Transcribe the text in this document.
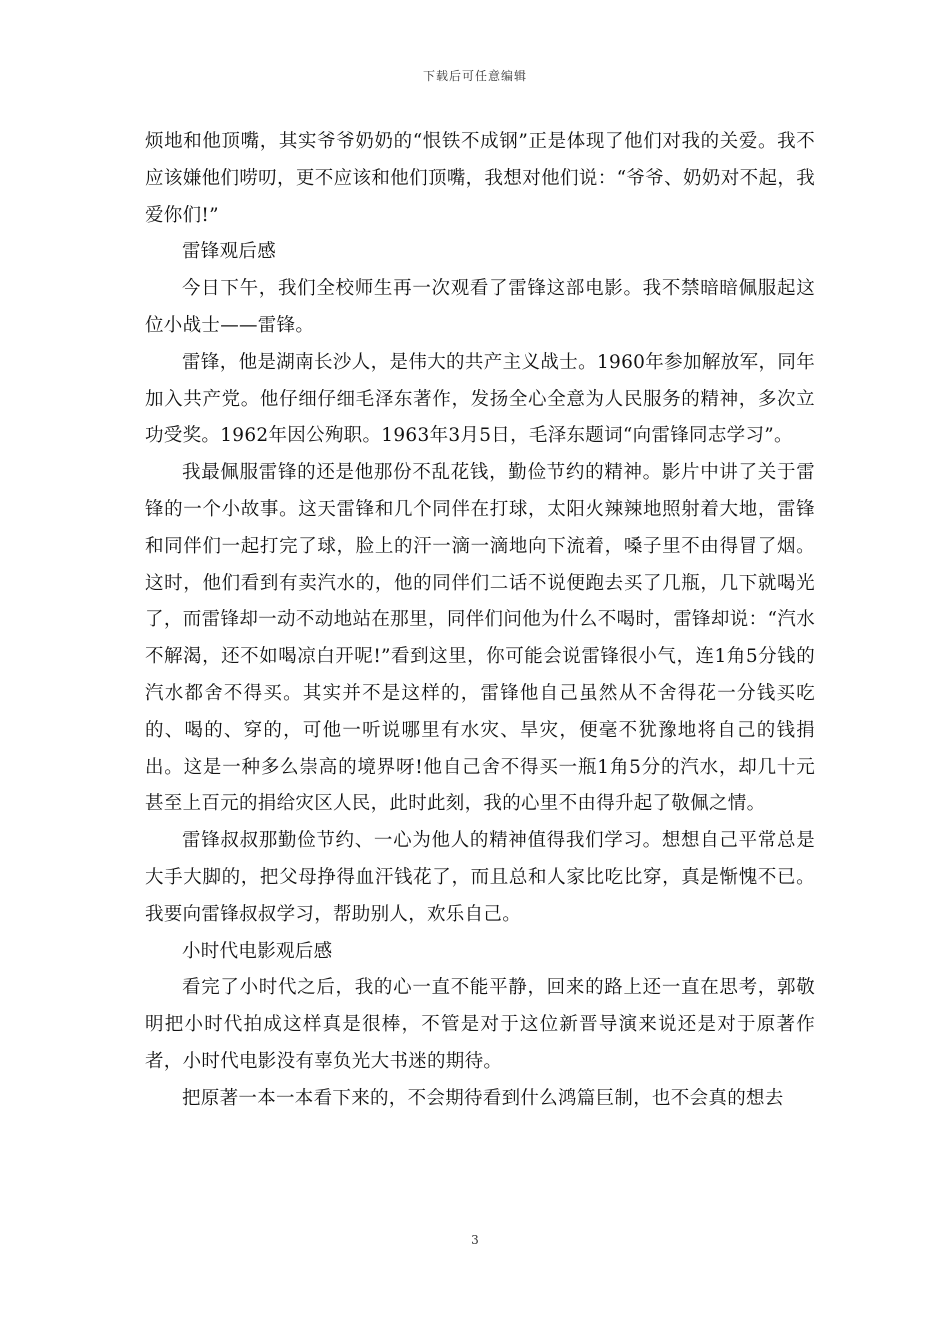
下载后可任意编辑

烦地和他顶嘴，其实爷爷奶奶的“恨铁不成钢”正是体现了他们对我的关爱。我不应该嫌他们唠叨，更不应该和他们顶嘴，我想对他们说：“爷爷、奶奶对不起，我爱你们!”

雷锋观后感

今日下午，我们全校师生再一次观看了雷锋这部电影。我不禁暗暗佩服起这位小战士——雷锋。

雷锋，他是湖南长沙人，是伟大的共产主义战士。1960年参加解放军，同年加入共产党。他仔细仔细毛泽东著作，发扬全心全意为人民服务的精神，多次立功受奖。1962年因公殉职。1963年3月5日，毛泽东题词“向雷锋同志学习”。

我最佩服雷锋的还是他那份不乱花钱，勤俭节约的精神。影片中讲了关于雷锋的一个小故事。这天雷锋和几个同伴在打球，太阳火辣辣地照射着大地，雷锋和同伴们一起打完了球，脸上的汗一滴一滴地向下流着，嗓子里不由得冒了烟。这时，他们看到有卖汽水的，他的同伴们二话不说便跑去买了几瓶，几下就喝光了，而雷锋却一动不动地站在那里，同伴们问他为什么不喝时，雷锋却说：“汽水不解渴，还不如喝凉白开呢!”看到这里，你可能会说雷锋很小气，连1角5分钱的汽水都舍不得买。其实并不是这样的，雷锋他自己虽然从不舍得花一分钱买吃的、喝的、穿的，可他一听说哪里有水灾、旱灾，便毫不犹豫地将自己的钱捐出。这是一种多么崇高的境界呀!他自己舍不得买一瓶1角5分的汽水，却几十元甚至上百元的捐给灾区人民，此时此刻，我的心里不由得升起了敬佩之情。

雷锋叔叔那勤俭节约、一心为他人的精神值得我们学习。想想自己平常总是大手大脚的，把父母挣得血汗钱花了，而且总和人家比吃比穿，真是惭愧不已。我要向雷锋叔叔学习，帮助别人，欢乐自己。

小时代电影观后感

看完了小时代之后，我的心一直不能平静，回来的路上还一直在思考，郭敬明把小时代拍成这样真是很棒，不管是对于这位新晋导演来说还是对于原著作者，小时代电影没有辜负光大书迷的期待。

把原著一本一本看下来的，不会期待看到什么鸿篇巨制，也不会真的想去

3
